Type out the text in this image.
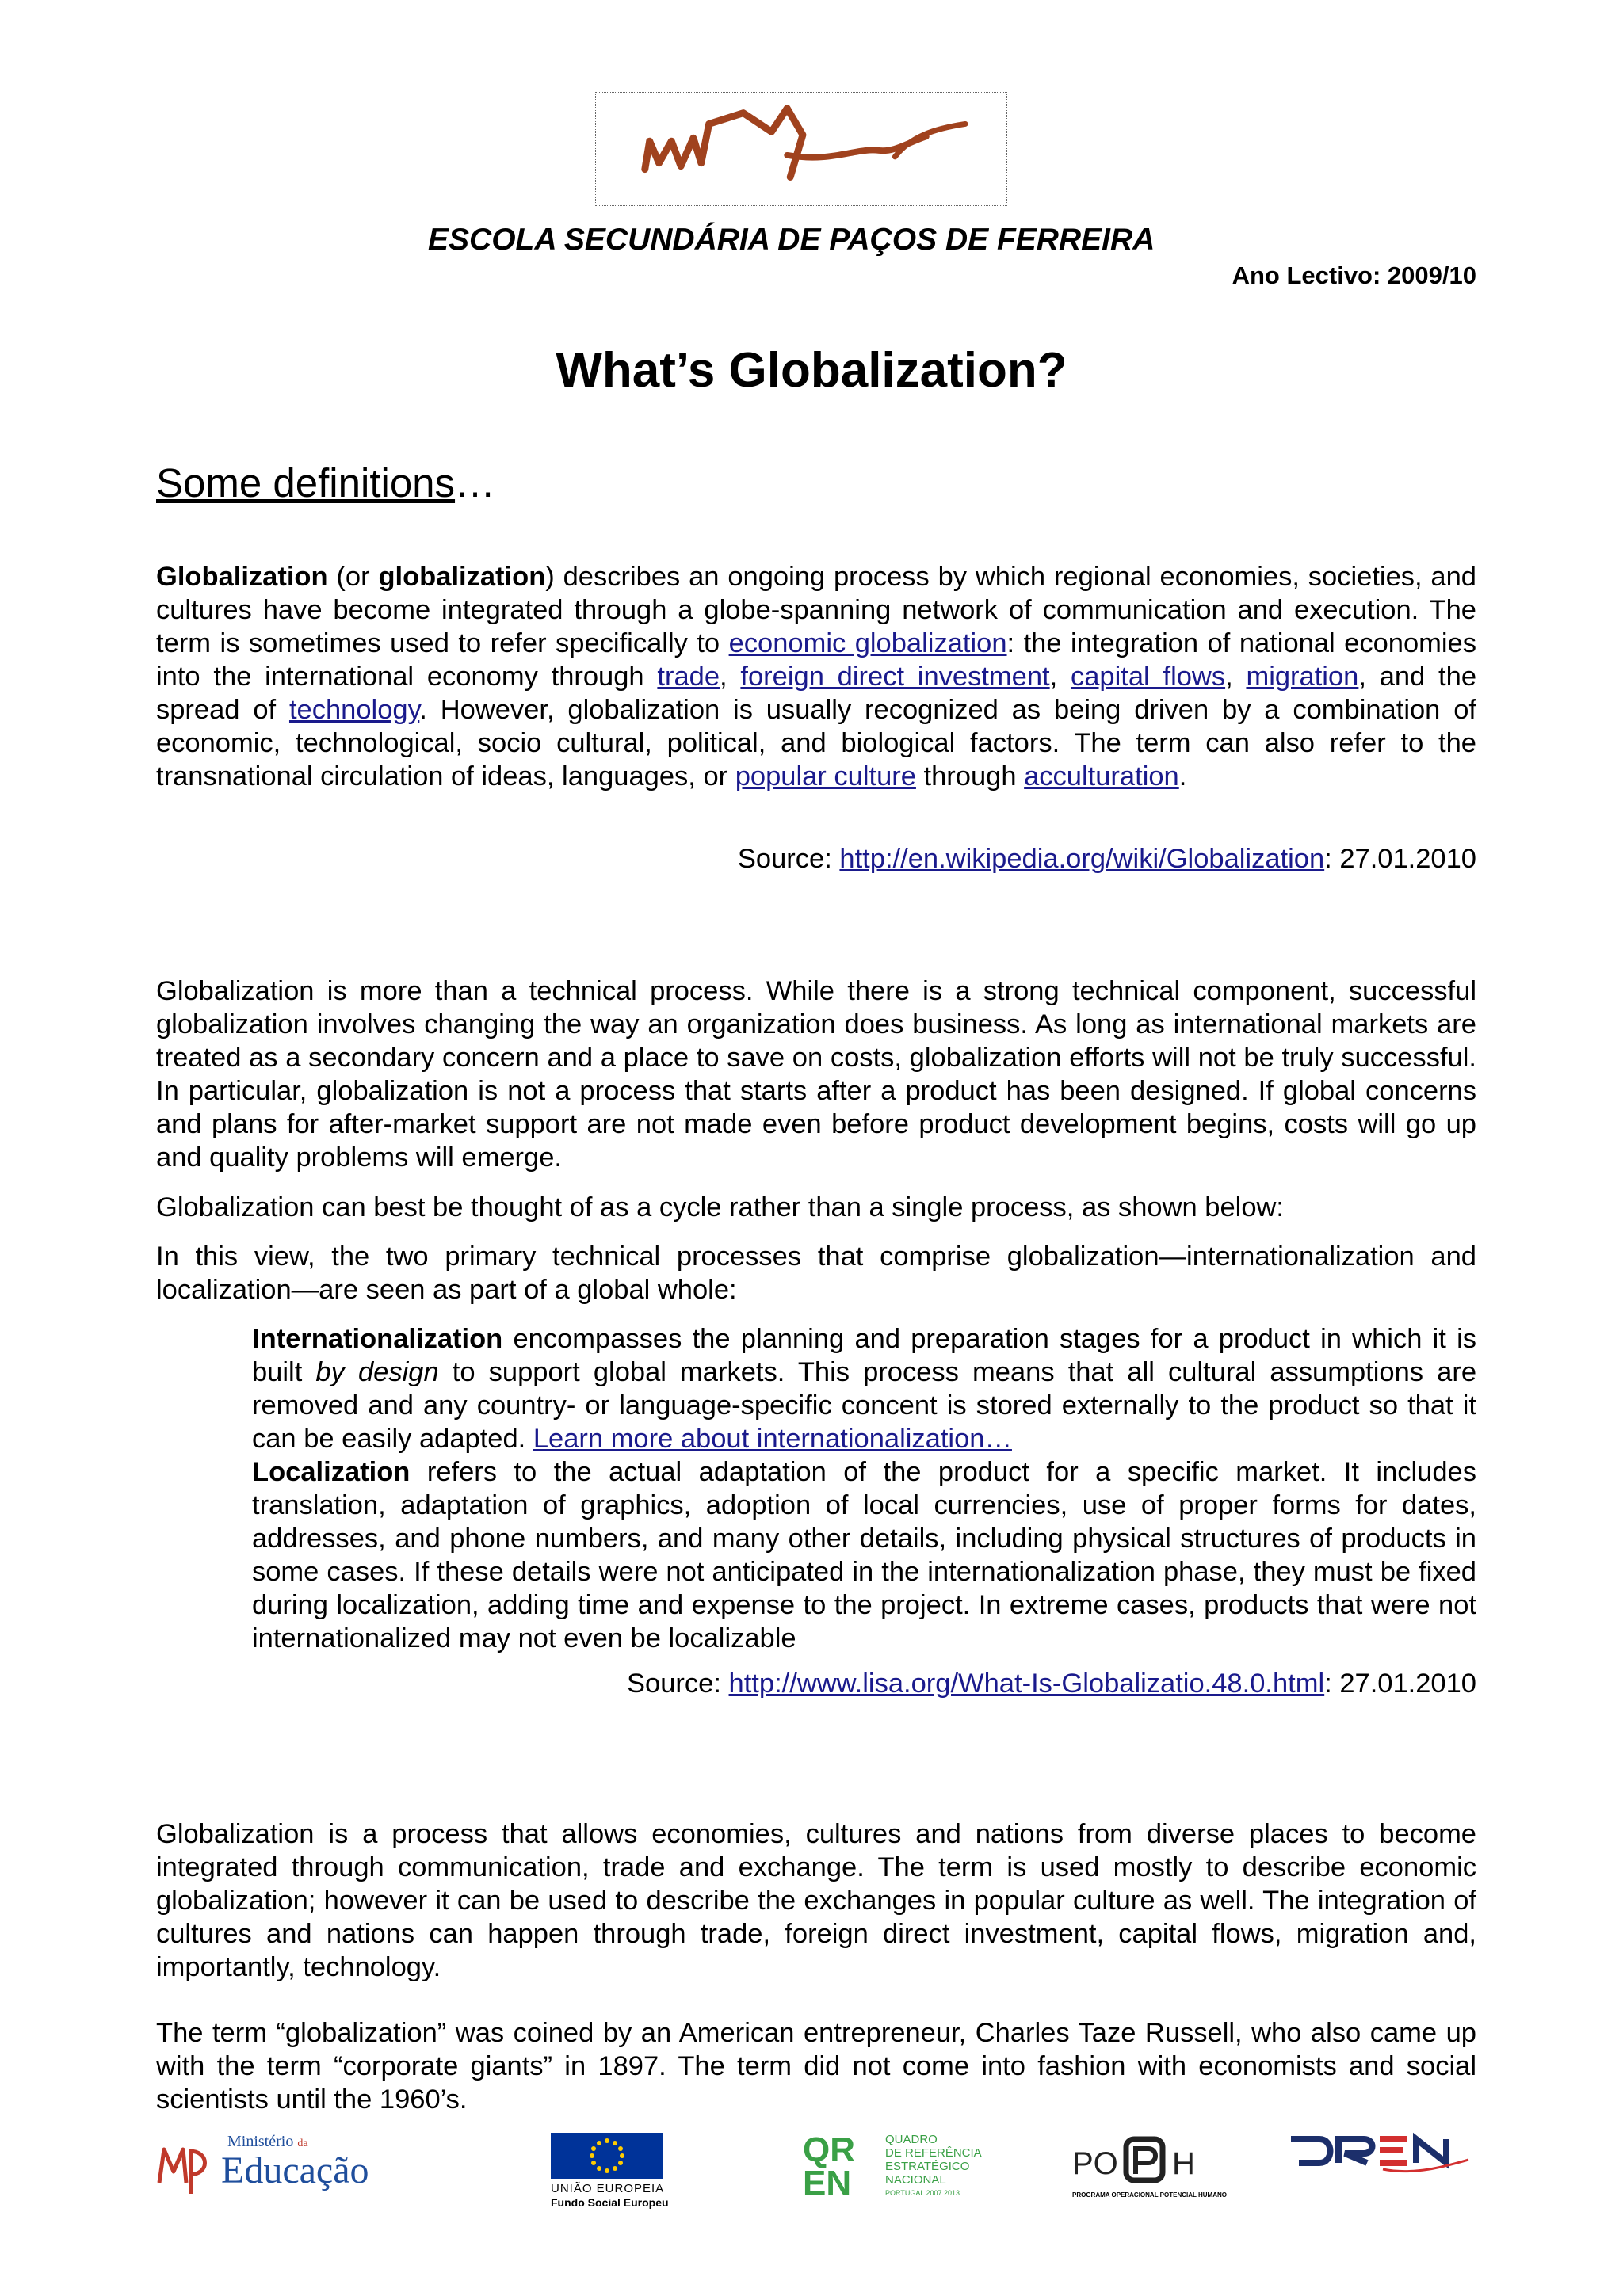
ESCOLA SECUNDÁRIA DE PAÇOS DE FERREIRA
Ano Lectivo: 2009/10
What’s Globalization?
Some definitions…

Globalization (or globalization) describes an ongoing process by which regional economies, societies, and cultures have become integrated through a globe-spanning network of communication and execution. The term is sometimes used to refer specifically to economic globalization: the integration of national economies into the international economy through trade, foreign direct investment, capital flows, migration, and the spread of technology. However, globalization is usually recognized as being driven by a combination of economic, technological, socio cultural, political, and biological factors. The term can also refer to the transnational circulation of ideas, languages, or popular culture through acculturation.

Source: http://en.wikipedia.org/wiki/Globalization: 27.01.2010

Globalization is more than a technical process. While there is a strong technical component, successful globalization involves changing the way an organization does business. As long as international markets are treated as a secondary concern and a place to save on costs, globalization efforts will not be truly successful. In particular, globalization is not a process that starts after a product has been designed. If global concerns and plans for after-market support are not made even before product development begins, costs will go up and quality problems will emerge.

Globalization can best be thought of as a cycle rather than a single process, as shown below:

In this view, the two primary technical processes that comprise globalization—internationalization and localization—are seen as part of a global whole:

Internationalization encompasses the planning and preparation stages for a product in which it is built by design to support global markets. This process means that all cultural assumptions are removed and any country- or language-specific concent is stored externally to the product so that it can be easily adapted. Learn more about internationalization…

Localization refers to the actual adaptation of the product for a specific market. It includes translation, adaptation of graphics, adoption of local currencies, use of proper forms for dates, addresses, and phone numbers, and many other details, including physical structures of products in some cases. If these details were not anticipated in the internationalization phase, they must be fixed during localization, adding time and expense to the project. In extreme cases, products that were not internationalized may not even be localizable

Source: http://www.lisa.org/What-Is-Globalizatio.48.0.html: 27.01.2010

Globalization is a process that allows economies, cultures and nations from diverse places to become integrated through communication, trade and exchange. The term is used mostly to describe economic globalization; however it can be used to describe the exchanges in popular culture as well. The integration of cultures and nations can happen through trade, foreign direct investment, capital flows, migration and, importantly, technology.

The term “globalization” was coined by an American entrepreneur, Charles Taze Russell, who also came up with the term “corporate giants” in 1897. The term did not come into fashion with economists and social scientists until the 1960’s.

Ministério da
Educação	UNIÃO EUROPEIA
Fundo Social Europeu
QR
EN
QUADRO
DE REFERÊNCIA
ESTRATÉGICO
NACIONAL
PORTUGAL 2007.2013
PO H
PROGRAMA OPERACIONAL POTENCIAL HUMANO
